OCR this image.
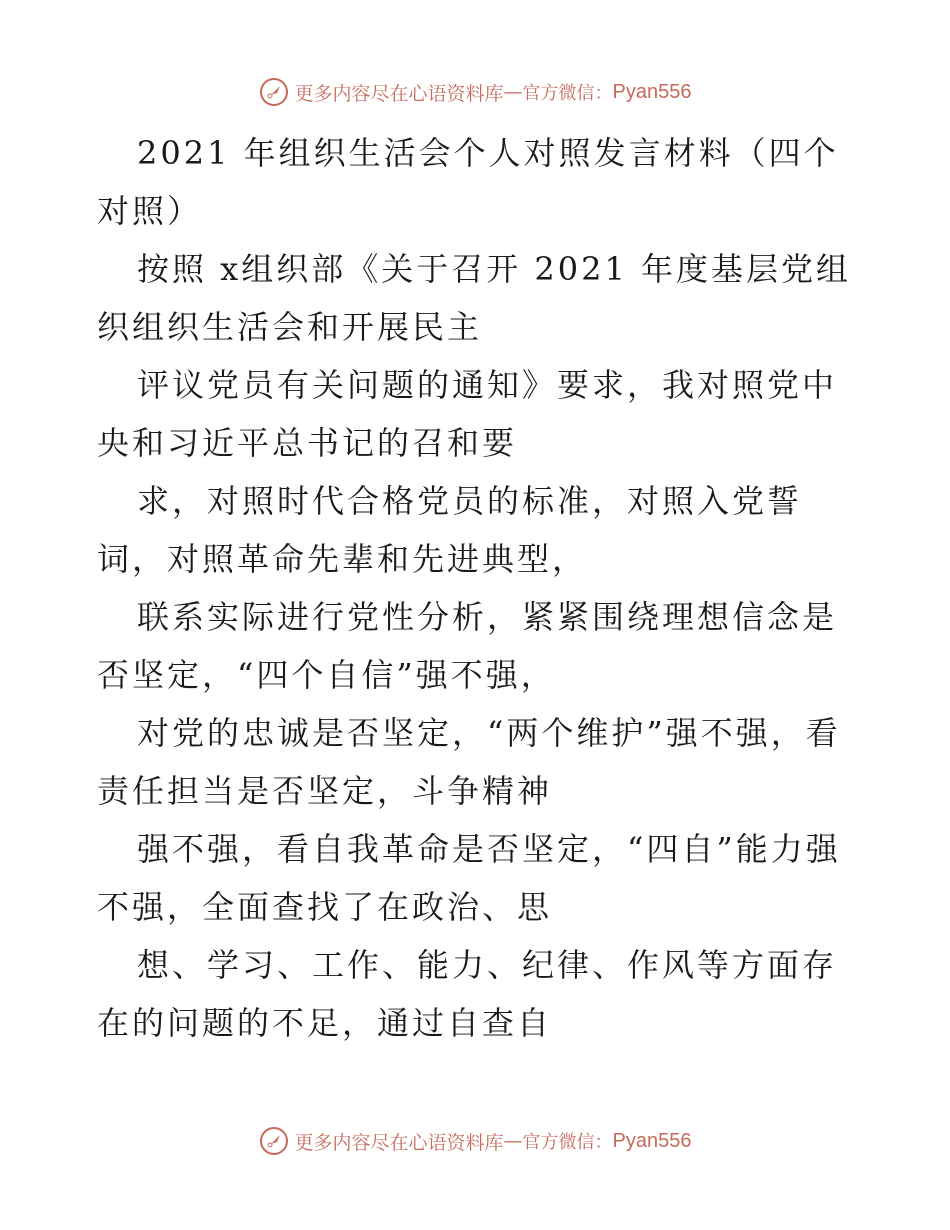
更多内容尽在心语资料库 — 官方微信： Pyan556

2021 年组织生活会个人对照发言材料（四个对照）

按照 x组织部《关于召开 2021 年度基层党组织组织生活会和开展民主

评议党员有关问题的通知》要求，我对照党中央和习近平总书记的召和要

求，对照时代合格党员的标准，对照入党誓词，对照革命先辈和先进典型，

联系实际进行党性分析，紧紧围绕理想信念是否坚定，“四个自信”强不强，

对党的忠诚是否坚定，“两个维护”强不强，看责任担当是否坚定，斗争精神

强不强，看自我革命是否坚定，“四自”能力强不强，全面查找了在政治、思

想、学习、工作、能力、纪律、作风等方面存在的问题的不足，通过自查自

更多内容尽在心语资料库 — 官方微信： Pyan556
